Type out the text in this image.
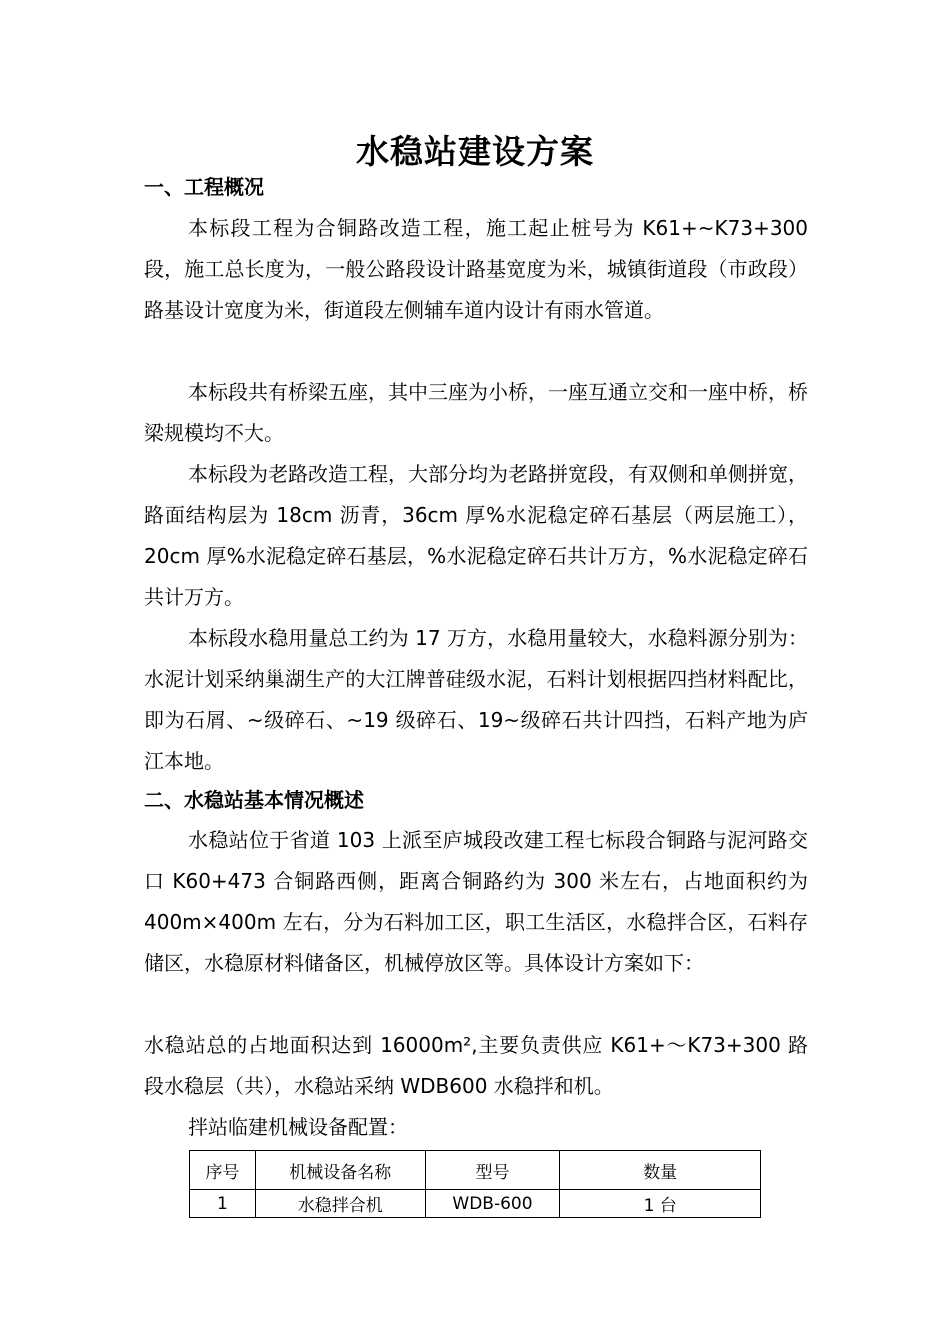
水稳站建设方案
一、工程概况

本标段工程为合铜路改造工程，施工起止桩号为 K61+~K73+300 段，施工总长度为，一般公路段设计路基宽度为米，城镇街道段（市政段）路基设计宽度为米，街道段左侧辅车道内设计有雨水管道。

本标段共有桥梁五座，其中三座为小桥，一座互通立交和一座中桥，桥梁规模均不大。

本标段为老路改造工程，大部分均为老路拼宽段，有双侧和单侧拼宽，路面结构层为 18cm 沥青，36cm 厚%水泥稳定碎石基层（两层施工），20cm 厚%水泥稳定碎石基层，%水泥稳定碎石共计万方，%水泥稳定碎石共计万方。

本标段水稳用量总工约为 17 万方，水稳用量较大，水稳料源分别为：水泥计划采纳巢湖生产的大江牌普硅级水泥，石料计划根据四挡材料配比，即为石屑、~级碎石、~19 级碎石、19~级碎石共计四挡，石料产地为庐江本地。

二、水稳站基本情况概述

水稳站位于省道 103 上派至庐城段改建工程七标段合铜路与泥河路交口 K60+473 合铜路西侧，距离合铜路约为 300 米左右，占地面积约为 400m×400m 左右，分为石料加工区，职工生活区，水稳拌合区，石料存储区，水稳原材料储备区，机械停放区等。具体设计方案如下：

水稳站总的占地面积达到 16000m²,主要负责供应 K61+～K73+300 路段水稳层（共），水稳站采纳 WDB600 水稳拌和机。

拌站临建机械设备配置：

序号	机械设备名称	型号	数量
1	水稳拌合机	WDB-600	1 台
